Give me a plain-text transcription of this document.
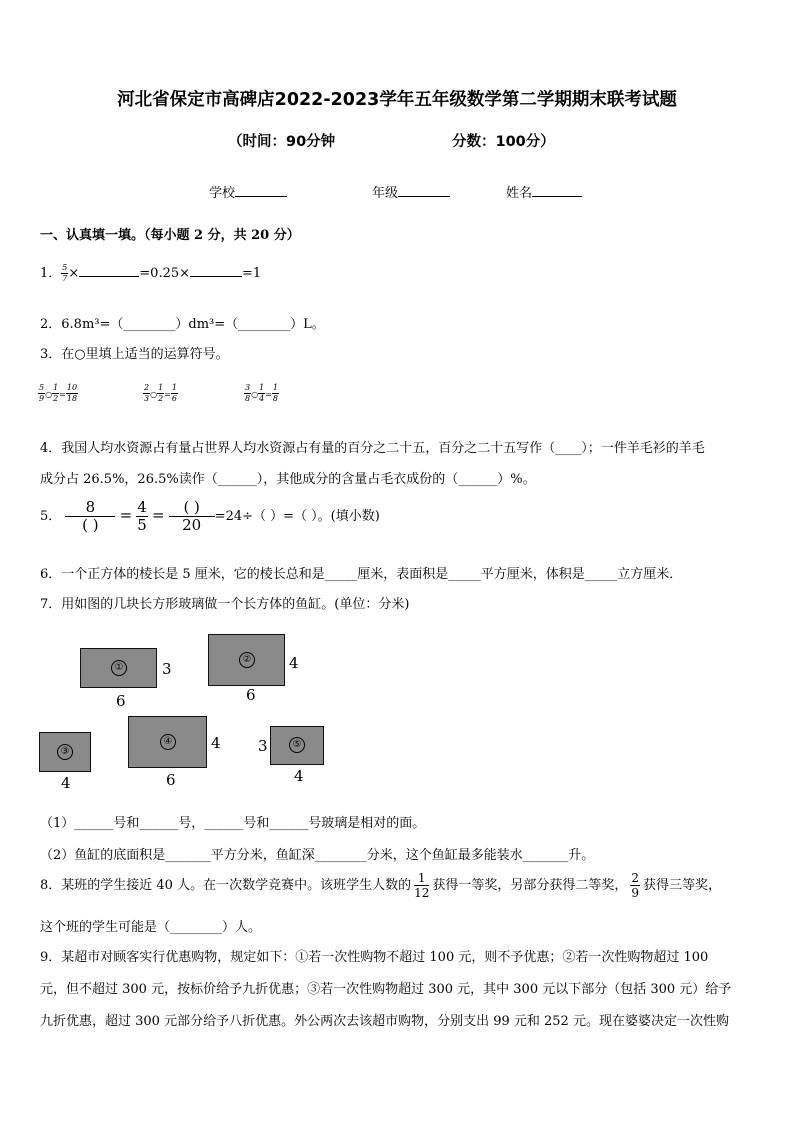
河北省保定市高碑店2022-2023学年五年级数学第二学期期末联考试题
（时间：90分钟	分数：100分）
学校	年级	姓名
一、认真填一填。（每小题 2 分，共 20 分）
1． $\frac{5}{7}$ ×	=0.25×	=1
2．6.8m³=（________）dm³=（________）L。
3．在○里填上适当的运算符号。
$\frac{5}{9}$ ○ $\frac{1}{2} = \frac{10}{18}$	$\frac{2}{3}$ ○ $\frac{1}{2} = \frac{1}{6}$	$\frac{3}{8}$ ○ $\frac{1}{4} = \frac{1}{8}$
4．我国人均水资源占有量占世界人均水资源占有量的百分之二十五，百分之二十五写作（____）；一件羊毛衫的羊毛
成分占 26.5%，26.5%读作（______），其他成分的含量占毛衣成份的（______）%。
5． $\frac{8}{( )} = \frac{4}{5} = \frac{( )}{20} =24\div$（ ）=（ ）。(填小数)
6．一个正方体的棱长是 5 厘米，它的棱长总和是_____厘米，表面积是_____平方厘米，体积是_____立方厘米．
7．用如图的几块长方形玻璃做一个长方体的鱼缸。(单位：分米)
①	3
6
②	4
6
③
4
④	4
6
⑤
3
4
（1）______号和______号，______号和______号玻璃是相对的面。
（2）鱼缸的底面积是_______平方分米，鱼缸深________分米，这个鱼缸最多能装水_______升。
8．某班的学生接近 40 人。在一次数学竞赛中。该班学生人数的 $\frac{1}{12}$ 获得一等奖，另部分获得二等奖， $\frac{2}{9}$ 获得三等奖，
这个班的学生可能是（________）人。
9．某超市对顾客实行优惠购物，规定如下：①若一次性购物不超过 100 元，则不予优惠；②若一次性购物超过 100
元，但不超过 300 元，按标价给予九折优惠；③若一次性购物超过 300 元，其中 300 元以下部分（包括 300 元）给予
九折优惠，超过 300 元部分给予八折优惠。外公两次去该超市购物，分别支出 99 元和 252 元。现在婆婆决定一次性购
